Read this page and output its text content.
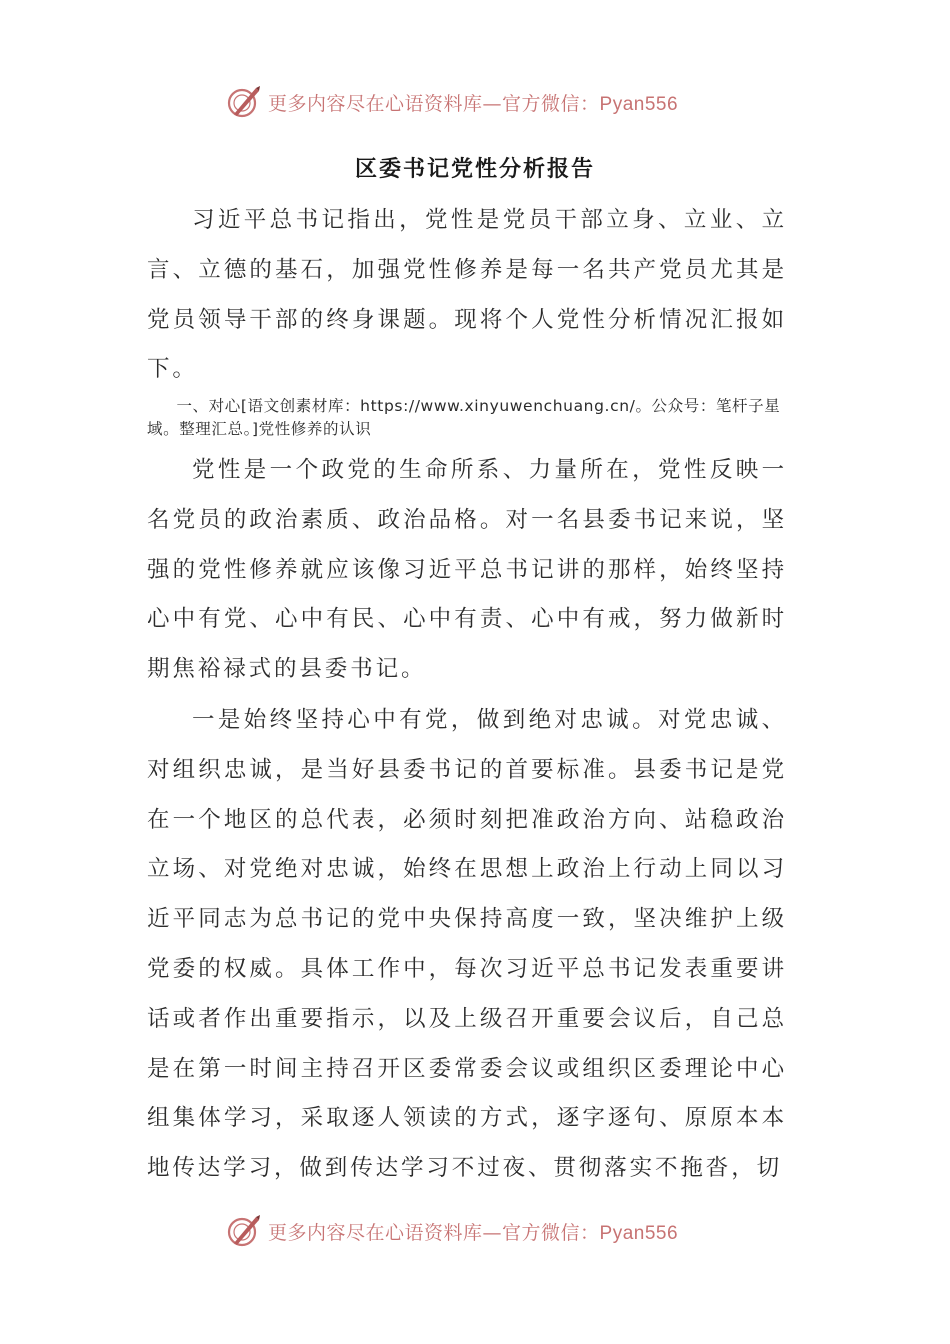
更多内容尽在心语资料库—官方微信：Pyan556
区委书记党性分析报告

习近平总书记指出，党性是党员干部立身、立业、立言、立德的基石，加强党性修养是每一名共产党员尤其是党员领导干部的终身课题。现将个人党性分析情况汇报如下。

一、对心[语文创素材库：https://www.xinyuwenchuang.cn/。公众号：笔杆子星域。整理汇总。]党性修养的认识

党性是一个政党的生命所系、力量所在，党性反映一名党员的政治素质、政治品格。对一名县委书记来说，坚强的党性修养就应该像习近平总书记讲的那样，始终坚持心中有党、心中有民、心中有责、心中有戒，努力做新时期焦裕禄式的县委书记。

一是始终坚持心中有党，做到绝对忠诚。对党忠诚、对组织忠诚，是当好县委书记的首要标准。县委书记是党在一个地区的总代表，必须时刻把准政治方向、站稳政治立场、对党绝对忠诚，始终在思想上政治上行动上同以习近平同志为总书记的党中央保持高度一致，坚决维护上级党委的权威。具体工作中，每次习近平总书记发表重要讲话或者作出重要指示，以及上级召开重要会议后，自己总是在第一时间主持召开区委常委会议或组织区委理论中心组集体学习，采取逐人领读的方式，逐字逐句、原原本本地传达学习，做到传达学习不过夜、贯彻落实不拖沓，切

更多内容尽在心语资料库—官方微信：Pyan556
